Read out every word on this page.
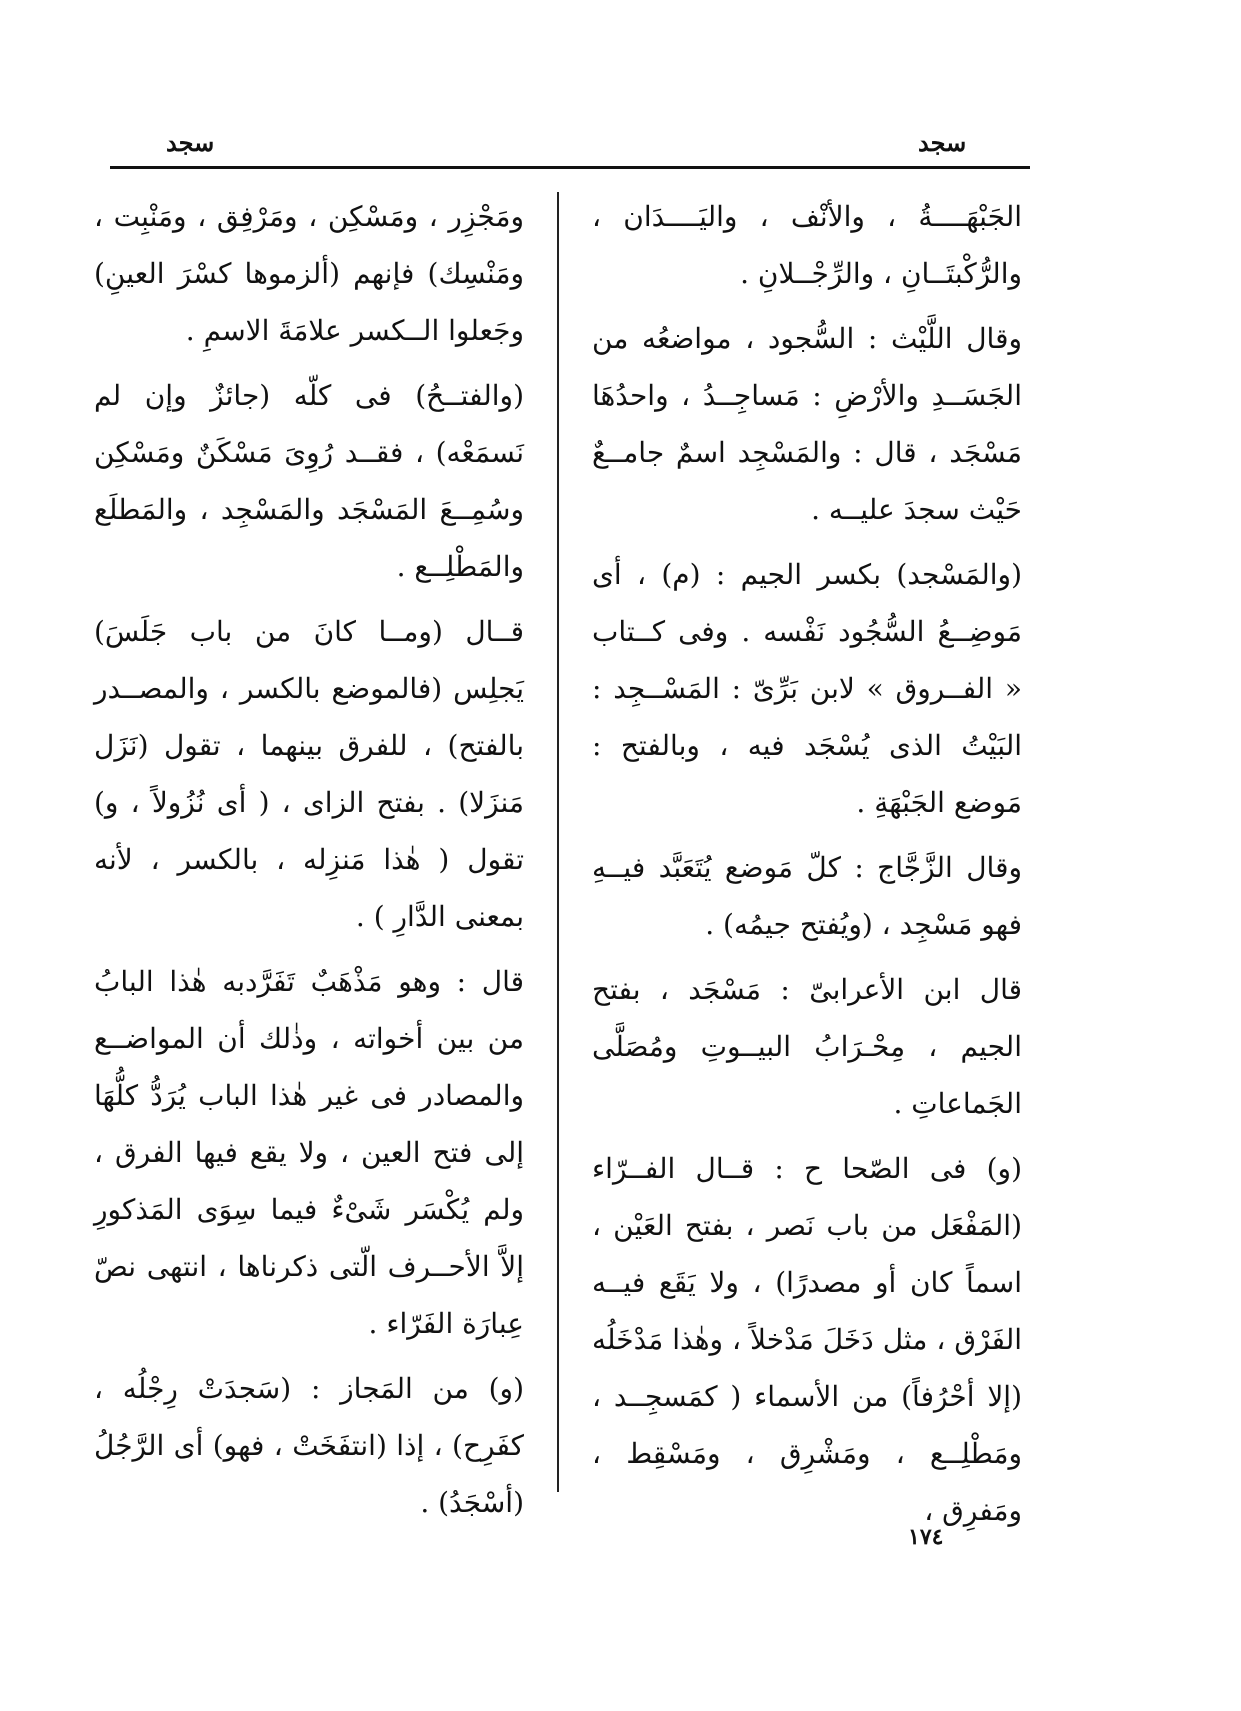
سجد
سجد

الجَبْهَــــةُ ، والأنْف ، واليَــــدَان ، والرُّكْبتَــانِ ، والرِّجْــلانِ .

وقال اللَّيْث : السُّجود ، مواضعُه من الجَسَــدِ والأرْضِ : مَساجِــدُ ، واحدُهَا مَسْجَد ، قال : والمَسْجِد اسمٌ جامــعٌ حَيْث سجدَ عليــه .

(والمَسْجد) بكسر الجيم : (م) ، أى مَوضِــعُ السُّجُود نَفْسه . وفى كــتاب « الفــروق » لابن بَرِّىّ : المَسْــجِد : البَيْتُ الذى يُسْجَد فيه ، وبالفتح : مَوضع الجَبْهَةِ .

وقال الزَّجَّاج : كلّ مَوضع يُتَعَبَّد فيــهِ فهو مَسْجِد ، (ويُفتح جيمُه) .

قال ابن الأعرابىّ : مَسْجَد ، بفتح الجيم ، مِحْـرَابُ البيــوتِ ومُصَلَّى الجَماعاتِ .

(و) فى الصّحا ح : قــال الفــرّاء (المَفْعَل من باب نَصر ، بفتح العَيْن ، اسماً كان أو مصدرًا) ، ولا يَقَع فيــه الفَرْق ، مثل دَخَلَ مَدْخلاً ، وهٰذا مَدْخَلُه (إلا أحْرُفاً) من الأسماء ( كمَسجِــد ، ومَطْلِــع ، ومَشْرِق ، ومَسْقِط ، ومَفرِق ،

ومَجْزِر ، ومَسْكِن ، ومَرْفِق ، ومَنْبِت ، ومَنْسِك) فإنهم (ألزموها كسْرَ العينِ) وجَعلوا الــكسر علامَةَ الاسمِ .

(والفتــحُ) فى كلّه (جائزٌ وإن لم نَسمَعْه) ، فقــد رُوِىَ مَسْكَنٌ ومَسْكِن وسُمِــعَ المَسْجَد والمَسْجِد ، والمَطلَع والمَطْلِــع .

قــال (ومــا كانَ من باب جَلَسَ) يَجلِس (فالموضع بالكسر ، والمصــدر بالفتح) ، للفرق بينهما ، تقول (نَزَل مَنزَلا) . بفتح الزاى ، ( أى نُزُولاً ، و) تقول ( هٰذا مَنزِله ، بالكسر ، لأنه بمعنى الدَّارِ ) .

قال : وهو مَذْهَبٌ تَفَرَّدبه هٰذا البابُ من بين أخواته ، وذٰلك أن المواضــع والمصادر فى غير هٰذا الباب يُرَدُّ كلُّهَا إلى فتح العين ، ولا يقع فيها الفرق ، ولم يُكْسَر شَىْءٌ فيما سِوَى المَذكورِ إلاَّ الأحــرف الّتى ذكرناها ، انتهى نصّ عِبارَة الفَرّاء .

(و) من المَجاز : (سَجدَتْ رِجْلُه ، كفَرِح) ، إذا (انتفَخَتْ ، فهو) أى الرَّجُلُ (أسْجَدُ) .

١٧٤
